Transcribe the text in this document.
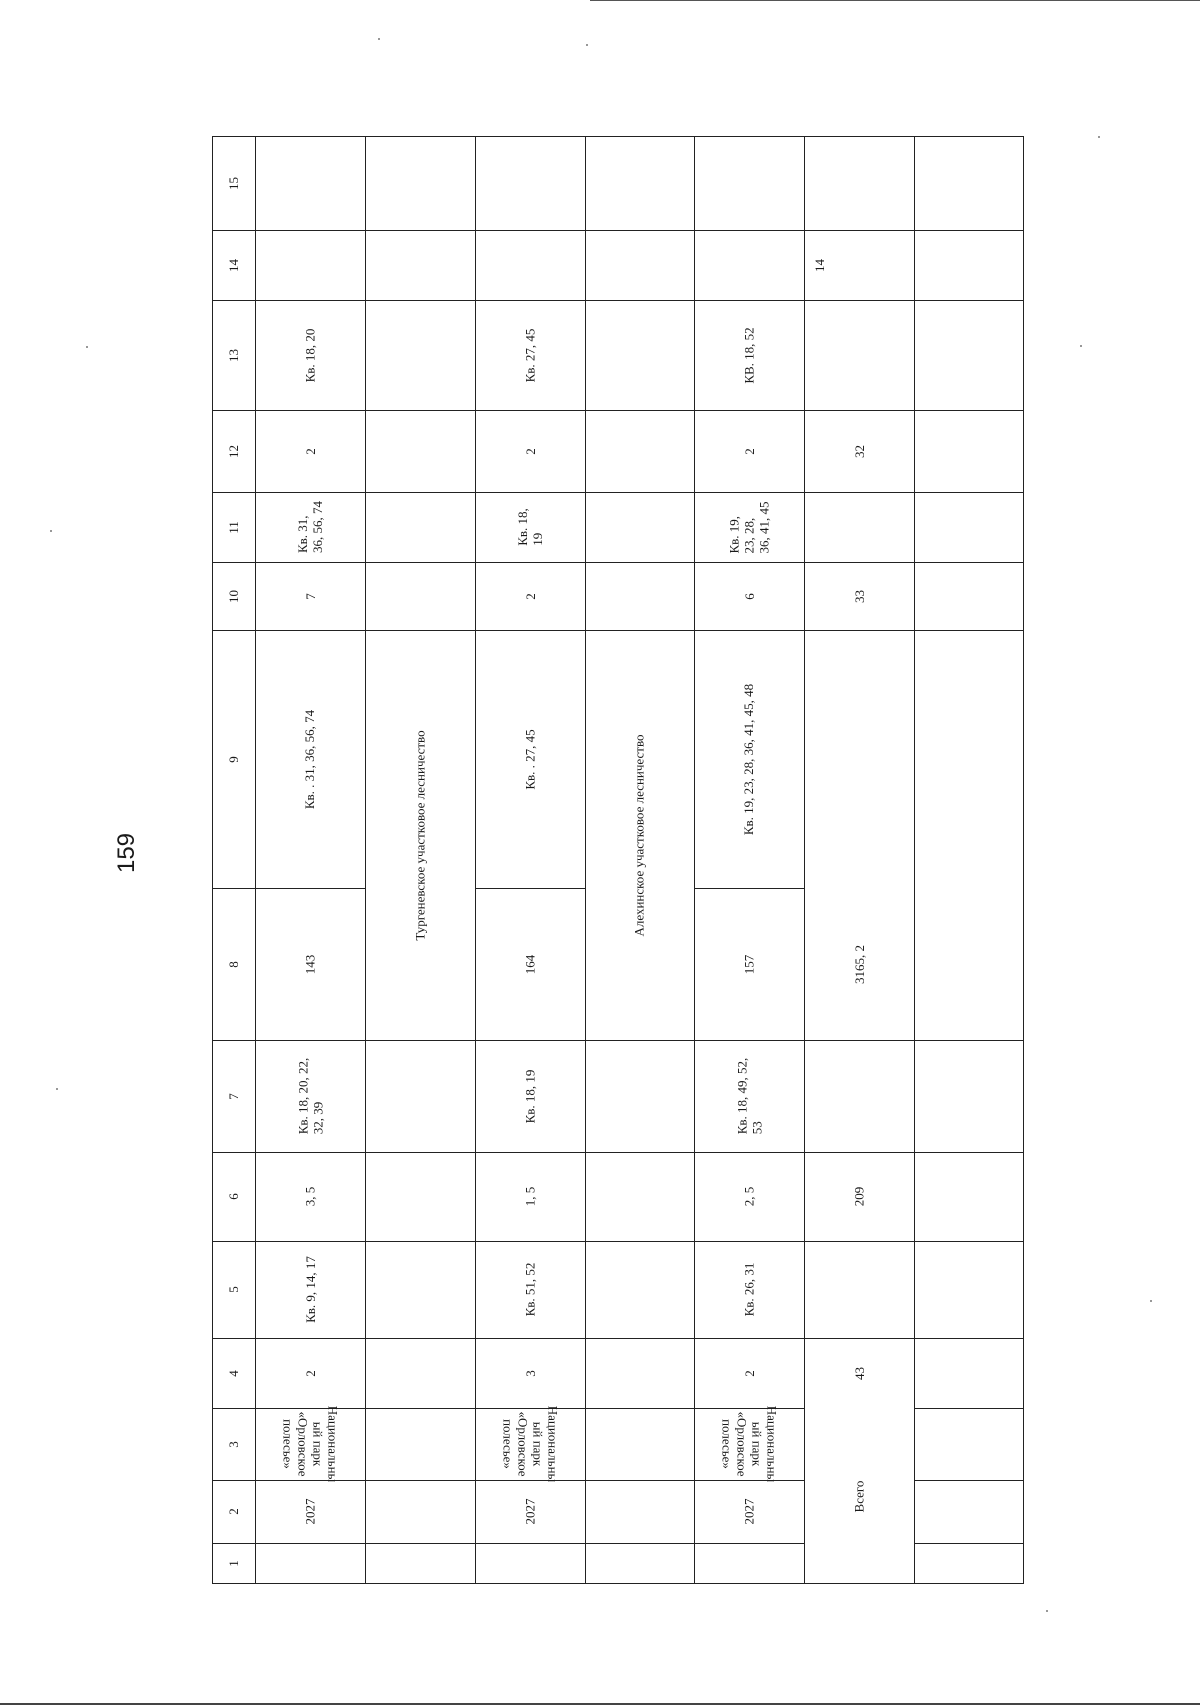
159
15
14
13
12
11
10
9
8
7
6
5
4
3
2
1
Кв. 18, 20
2
Кв. 31,
36, 56, 74
7
Кв. . 31, 36, 56, 74
143
Кв. 18, 20, 22,
32, 39
3, 5
Кв. 9, 14, 17
2
Национальны
ый парк
«Орловское
полесье»
2027
Тургеневское участковое лесничество
Кв. 27, 45
2
Кв. 18,
19
2
Кв. . 27, 45
164
Кв. 18, 19
1, 5
Кв. 51, 52
3
Национальны
ый парк
«Орловское
полесье»
2027
Алехинское участковое лесничество
КВ. 18, 52
2
Кв. 19,
23, 28,
36, 41, 45
6
Кв. 19, 23, 28, 36, 41, 45, 48
157
Кв. 18, 49, 52,
53
2, 5
Кв. 26, 31
2
Национальны
ый парк
«Орловское
полесье»
2027
14
32
33
3165, 2
209
43
Всего
